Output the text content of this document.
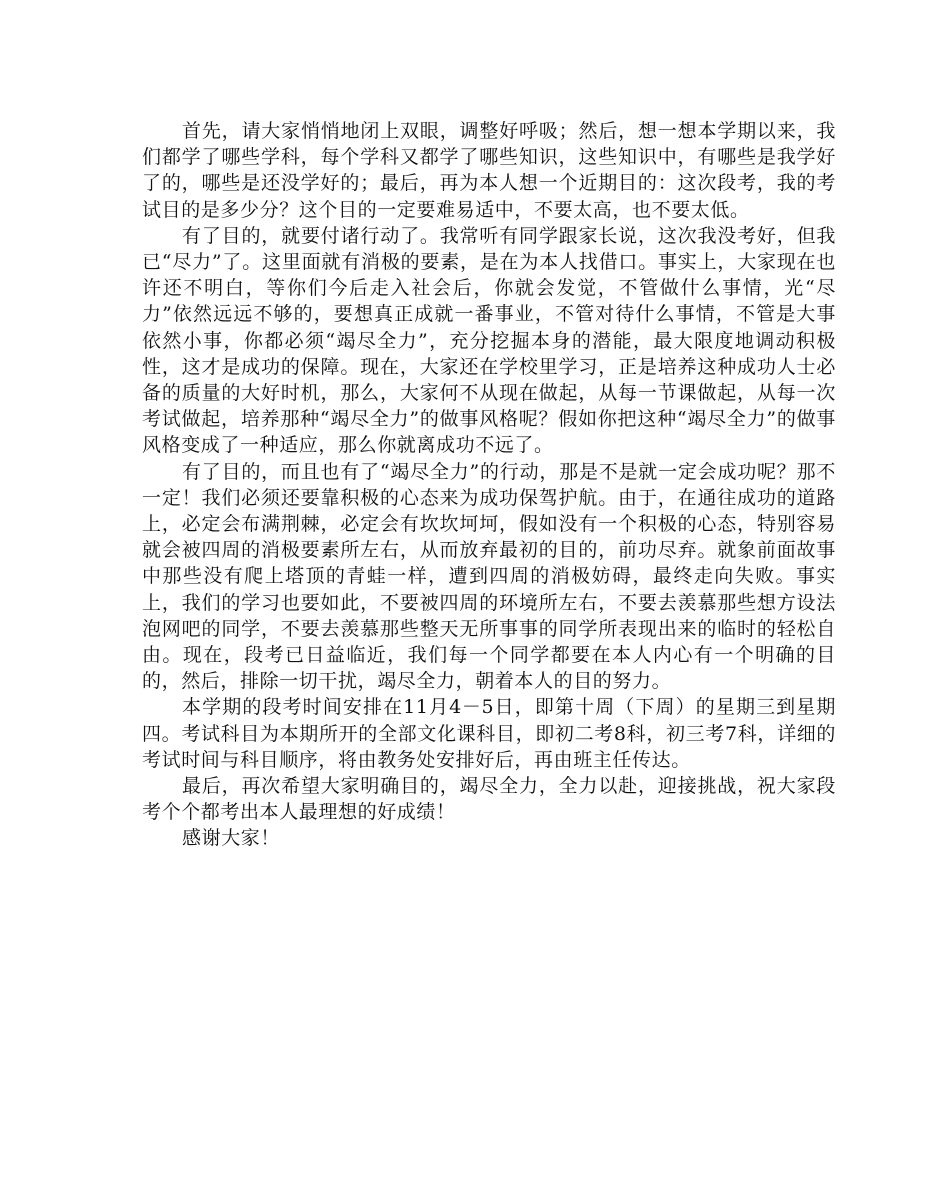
首先，请大家悄悄地闭上双眼，调整好呼吸；然后，想一想本学期以来，我们都学了哪些学科，每个学科又都学了哪些知识，这些知识中，有哪些是我学好了的，哪些是还没学好的；最后，再为本人想一个近期目的：这次段考，我的考试目的是多少分？这个目的一定要难易适中，不要太高，也不要太低。

有了目的，就要付诸行动了。我常听有同学跟家长说，这次我没考好，但我已“尽力”了。这里面就有消极的要素，是在为本人找借口。事实上，大家现在也许还不明白，等你们今后走入社会后，你就会发觉，不管做什么事情，光“尽力”依然远远不够的，要想真正成就一番事业，不管对待什么事情，不管是大事依然小事，你都必须“竭尽全力”，充分挖掘本身的潜能，最大限度地调动积极性，这才是成功的保障。现在，大家还在学校里学习，正是培养这种成功人士必备的质量的大好时机，那么，大家何不从现在做起，从每一节课做起，从每一次考试做起，培养那种“竭尽全力”的做事风格呢？假如你把这种“竭尽全力”的做事风格变成了一种适应，那么你就离成功不远了。

有了目的，而且也有了“竭尽全力”的行动，那是不是就一定会成功呢？那不一定！我们必须还要靠积极的心态来为成功保驾护航。由于，在通往成功的道路上，必定会布满荆棘，必定会有坎坎坷坷，假如没有一个积极的心态，特别容易就会被四周的消极要素所左右，从而放弃最初的目的，前功尽弃。就象前面故事中那些没有爬上塔顶的青蛙一样，遭到四周的消极妨碍，最终走向失败。事实上，我们的学习也要如此，不要被四周的环境所左右，不要去羡慕那些想方设法泡网吧的同学，不要去羡慕那些整天无所事事的同学所表现出来的临时的轻松自由。现在，段考已日益临近，我们每一个同学都要在本人内心有一个明确的目的，然后，排除一切干扰，竭尽全力，朝着本人的目的努力。

本学期的段考时间安排在11月4－5日，即第十周（下周）的星期三到星期四。考试科目为本期所开的全部文化课科目，即初二考8科，初三考7科，详细的考试时间与科目顺序，将由教务处安排好后，再由班主任传达。

最后，再次希望大家明确目的，竭尽全力，全力以赴，迎接挑战，祝大家段考个个都考出本人最理想的好成绩！

感谢大家！
